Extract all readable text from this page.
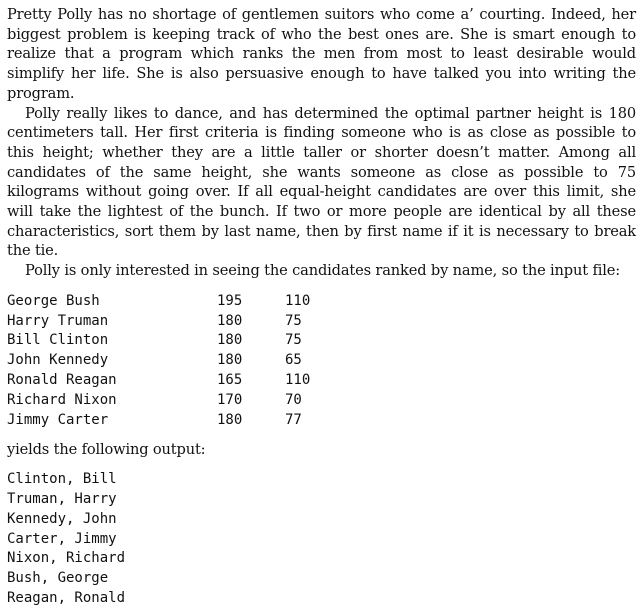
Pretty Polly has no shortage of gentlemen suitors who come a’ courting. Indeed, her biggest problem is keeping track of who the best ones are. She is smart enough to realize that a program which ranks the men from most to least desirable would simplify her life. She is also persuasive enough to have talked you into writing the program.

Polly really likes to dance, and has determined the optimal partner height is 180 centimeters tall. Her first criteria is finding someone who is as close as possible to this height; whether they are a little taller or shorter doesn’t matter. Among all candidates of the same height, she wants someone as close as possible to 75 kilograms without going over. If all equal-height candidates are over this limit, she will take the lightest of the bunch. If two or more people are identical by all these characteristics, sort them by last name, then by first name if it is necessary to break the tie.

Polly is only interested in seeing the candidates ranked by name, so the input file:

George Bush	195	110
Harry Truman	180	75
Bill Clinton	180	75
John Kennedy	180	65
Ronald Reagan	165	110
Richard Nixon	170	70
Jimmy Carter	180	77

yields the following output:

Clinton, Bill
Truman, Harry
Kennedy, John
Carter, Jimmy
Nixon, Richard
Bush, George
Reagan, Ronald
